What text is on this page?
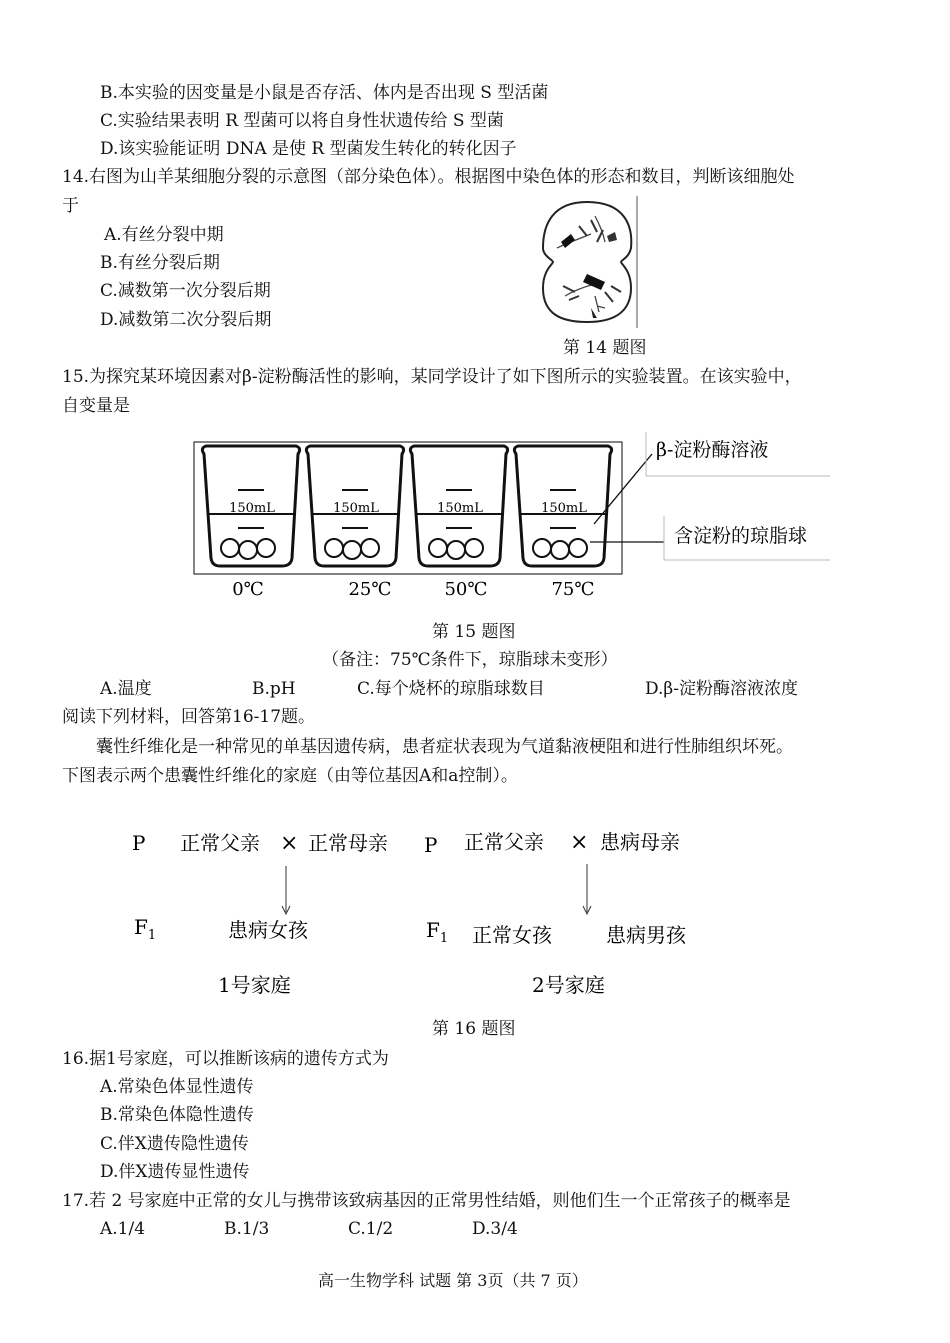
B.本实验的因变量是小鼠是否存活、体内是否出现 S 型活菌
C.实验结果表明 R 型菌可以将自身性状遗传给 S 型菌
D.该实验能证明 DNA 是使 R 型菌发生转化的转化因子
14.右图为山羊某细胞分裂的示意图（部分染色体）。根据图中染色体的形态和数目，判断该细胞处
于
A.有丝分裂中期
B.有丝分裂后期
C.减数第一次分裂后期
D.减数第二次分裂后期
第 14 题图
15.为探究某环境因素对β-淀粉酶活性的影响，某同学设计了如下图所示的实验装置。在该实验中，
自变量是
150mL
0℃
150mL
25℃
150mL
50℃
150mL
75℃
β-淀粉酶溶液
含淀粉的琼脂球
第 15 题图
（备注：75℃条件下，琼脂球未变形）
A.温度	B.pH	C.每个烧杯的琼脂球数目	D.β-淀粉酶溶液浓度
阅读下列材料，回答第16-17题。
囊性纤维化是一种常见的单基因遗传病，患者症状表现为气道黏液梗阻和进行性肺组织坏死。
下图表示两个患囊性纤维化的家庭（由等位基因A和a控制）。
P 正常父亲 × 正常母亲
$F_1$	患病女孩
1号家庭
P 正常父亲 × 患病母亲
$F_1$ 正常女孩	患病男孩
2号家庭
第 16 题图
16.据1号家庭，可以推断该病的遗传方式为
A.常染色体显性遗传
B.常染色体隐性遗传
C.伴X遗传隐性遗传
D.伴X遗传显性遗传
17.若 2 号家庭中正常的女儿与携带该致病基因的正常男性结婚，则他们生一个正常孩子的概率是
A.1/4	B.1/3	C.1/2	D.3/4
高一生物学科 试题 第 3页（共 7 页）
